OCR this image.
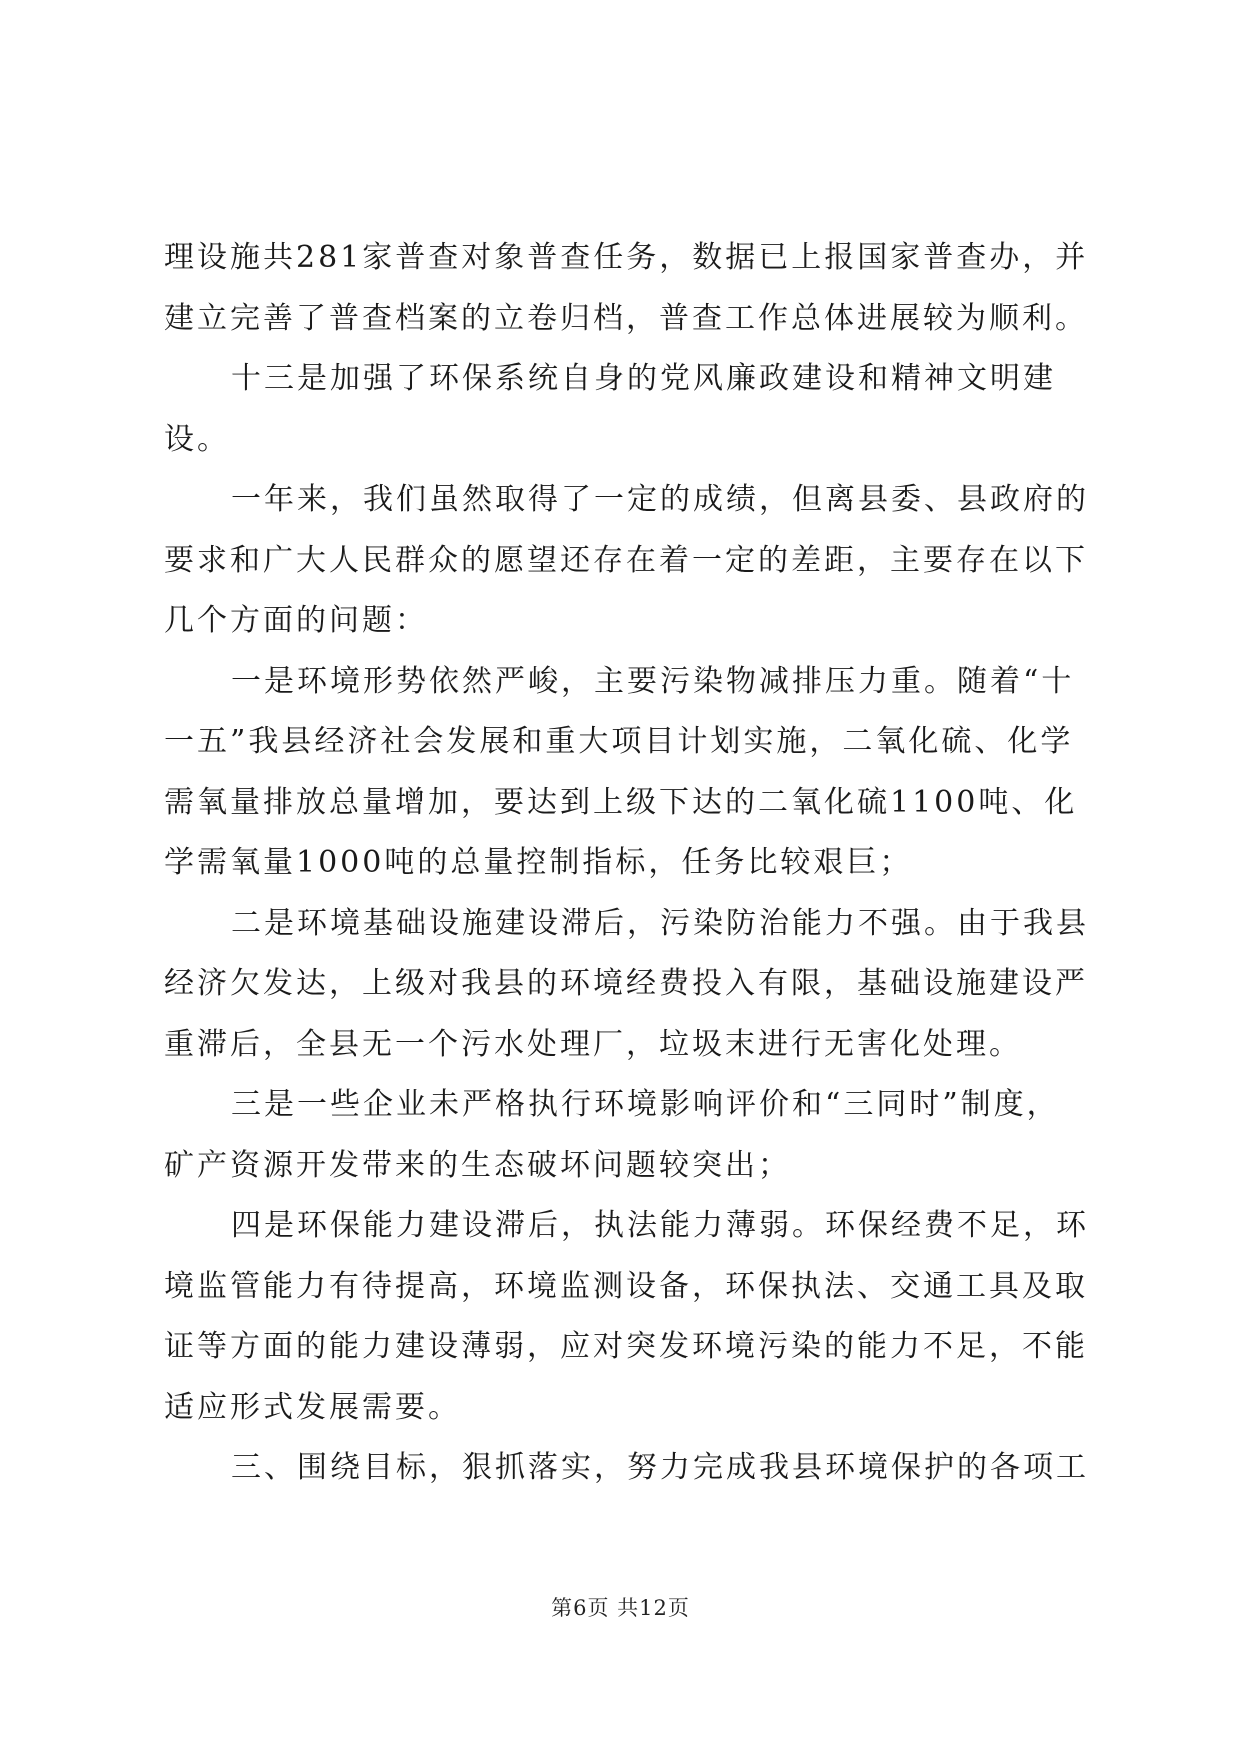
理设施共281家普查对象普查任务，数据已上报国家普查办，并
建立完善了普查档案的立卷归档，普查工作总体进展较为顺利。
十三是加强了环保系统自身的党风廉政建设和精神文明建
设。
一年来，我们虽然取得了一定的成绩，但离县委、县政府的
要求和广大人民群众的愿望还存在着一定的差距，主要存在以下
几个方面的问题：
一是环境形势依然严峻，主要污染物减排压力重。随着“十
一五”我县经济社会发展和重大项目计划实施，二氧化硫、化学
需氧量排放总量增加，要达到上级下达的二氧化硫1100吨、化
学需氧量1000吨的总量控制指标，任务比较艰巨；
二是环境基础设施建设滞后，污染防治能力不强。由于我县
经济欠发达，上级对我县的环境经费投入有限，基础设施建设严
重滞后，全县无一个污水处理厂，垃圾末进行无害化处理。
三是一些企业未严格执行环境影响评价和“三同时”制度，
矿产资源开发带来的生态破坏问题较突出；
四是环保能力建设滞后，执法能力薄弱。环保经费不足，环
境监管能力有待提高，环境监测设备，环保执法、交通工具及取
证等方面的能力建设薄弱，应对突发环境污染的能力不足，不能
适应形式发展需要。
三、围绕目标，狠抓落实，努力完成我县环境保护的各项工
第6页 共12页
